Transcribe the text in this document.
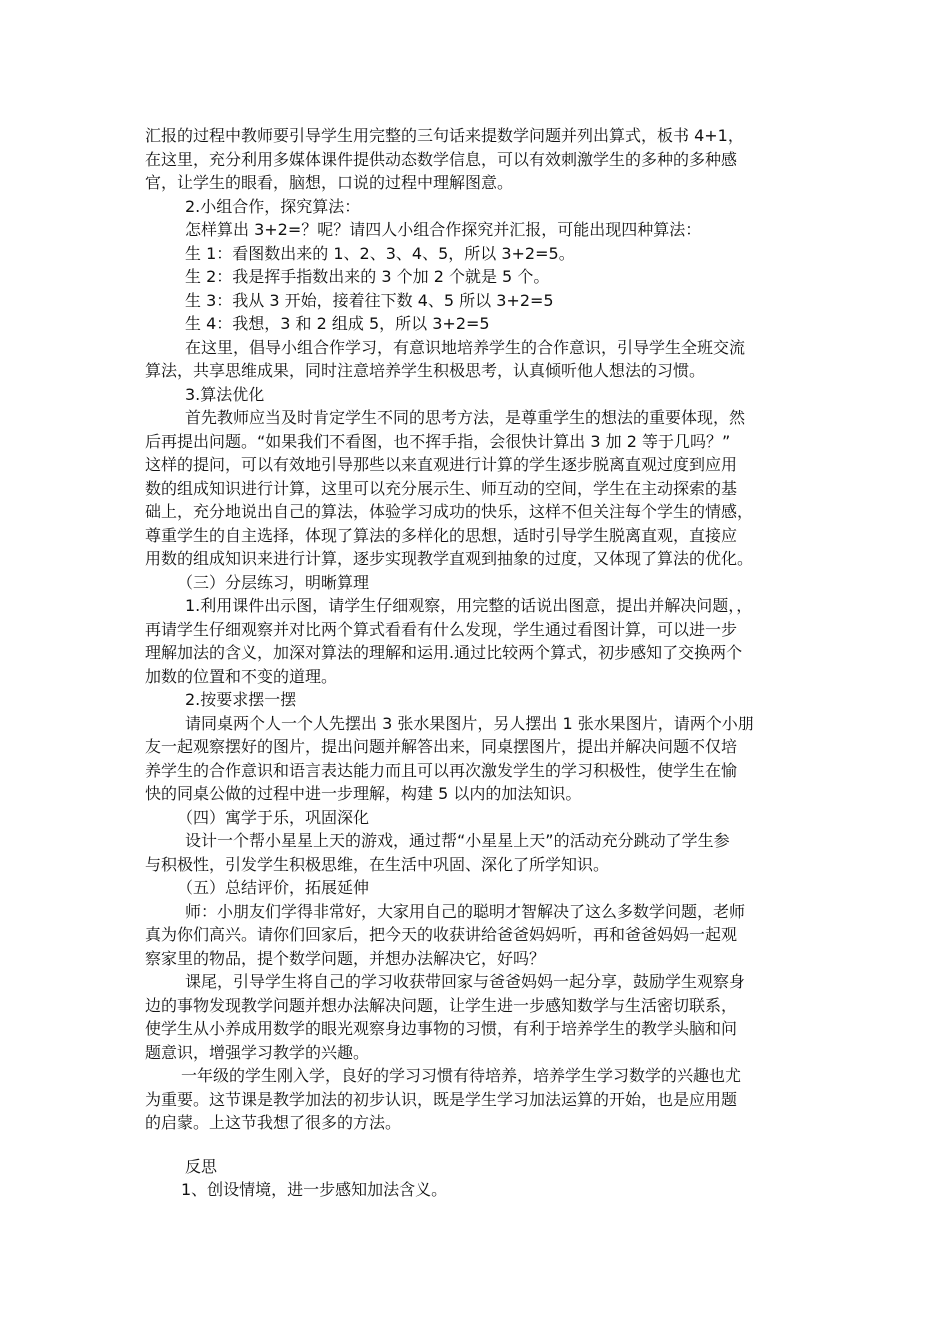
汇报的过程中教师要引导学生用完整的三句话来提数学问题并列出算式，板书 4+1，
在这里，充分利用多媒体课件提供动态数学信息，可以有效刺激学生的多种的多种感
官，让学生的眼看，脑想，口说的过程中理解图意。
2.小组合作，探究算法：
怎样算出 3+2=？呢？请四人小组合作探究并汇报，可能出现四种算法：
生 1：看图数出来的 1、2、3、4、5，所以 3+2=5。
生 2：我是挥手指数出来的 3 个加 2 个就是 5 个。
生 3：我从 3 开始，接着往下数 4、5 所以 3+2=5
生 4：我想，3 和 2 组成 5，所以 3+2=5
在这里，倡导小组合作学习，有意识地培养学生的合作意识，引导学生全班交流
算法，共享思维成果，同时注意培养学生积极思考，认真倾听他人想法的习惯。
3.算法优化
首先教师应当及时肯定学生不同的思考方法，是尊重学生的想法的重要体现，然
后再提出问题。“如果我们不看图，也不挥手指，会很快计算出 3 加 2 等于几吗？”
这样的提问，可以有效地引导那些以来直观进行计算的学生逐步脱离直观过度到应用
数的组成知识进行计算，这里可以充分展示生、师互动的空间，学生在主动探索的基
础上，充分地说出自己的算法，体验学习成功的快乐，这样不但关注每个学生的情感，
尊重学生的自主选择，体现了算法的多样化的思想，适时引导学生脱离直观，直接应
用数的组成知识来进行计算，逐步实现教学直观到抽象的过度，又体现了算法的优化。
（三）分层练习，明晰算理
1.利用课件出示图，请学生仔细观察，用完整的话说出图意，提出并解决问题，，
再请学生仔细观察并对比两个算式看看有什么发现，学生通过看图计算，可以进一步
理解加法的含义，加深对算法的理解和运用.通过比较两个算式，初步感知了交换两个
加数的位置和不变的道理。
2.按要求摆一摆
请同桌两个人一个人先摆出 3 张水果图片，另人摆出 1 张水果图片，请两个小朋
友一起观察摆好的图片，提出问题并解答出来，同桌摆图片，提出并解决问题不仅培
养学生的合作意识和语言表达能力而且可以再次激发学生的学习积极性，使学生在愉
快的同桌公做的过程中进一步理解，构建 5 以内的加法知识。
（四）寓学于乐，巩固深化
设计一个帮小星星上天的游戏，通过帮“小星星上天”的活动充分跳动了学生参
与积极性，引发学生积极思维，在生活中巩固、深化了所学知识。
（五）总结评价，拓展延伸
师：小朋友们学得非常好，大家用自己的聪明才智解决了这么多数学问题，老师
真为你们高兴。请你们回家后，把今天的收获讲给爸爸妈妈听，再和爸爸妈妈一起观
察家里的物品，提个数学问题，并想办法解决它，好吗？
课尾，引导学生将自己的学习收获带回家与爸爸妈妈一起分享，鼓励学生观察身
边的事物发现教学问题并想办法解决问题，让学生进一步感知数学与生活密切联系，
使学生从小养成用数学的眼光观察身边事物的习惯，有利于培养学生的教学头脑和问
题意识，增强学习教学的兴趣。
一年级的学生刚入学，良好的学习习惯有待培养，培养学生学习数学的兴趣也尤
为重要。这节课是教学加法的初步认识，既是学生学习加法运算的开始，也是应用题
的启蒙。上这节我想了很多的方法。
反思
1、创设情境，进一步感知加法含义。
